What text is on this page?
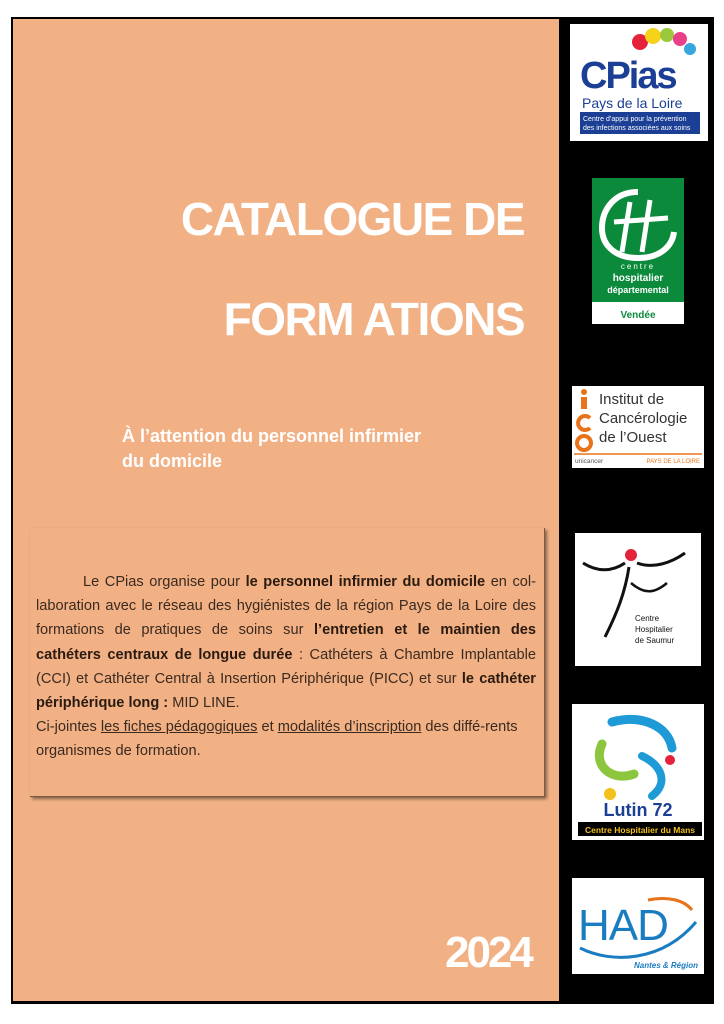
CATALOGUE DE
FORM ATIONS

À l’attention du personnel infirmier
du domicile

Le CPias organise pour le personnel infirmier du domicile en col-laboration avec le réseau des hygiénistes de la région Pays de la Loire des formations de pratiques de soins sur l’entretien et le maintien des cathéters centraux de longue durée : Cathéters à Chambre Implantable (CCI) et Cathéter Central à Insertion Périphérique (PICC) et sur le cathéter périphérique long : MID LINE.
Ci-jointes les fiches pédagogiques et modalités d’inscription des diffé-rents organismes de formation.

2024

CPias
Pays de la Loire
Centre d’appui pour la prévention
des infections associées aux soins
centre
hospitalier
départemental
Vendée
Institut de
Cancérologie
de l’Ouest
unicancer	PAYS DE LA LOIRE
Centre
Hospitalier
de Saumur
Lutin 72
Centre Hospitalier du Mans
HAD
Nantes & Région
